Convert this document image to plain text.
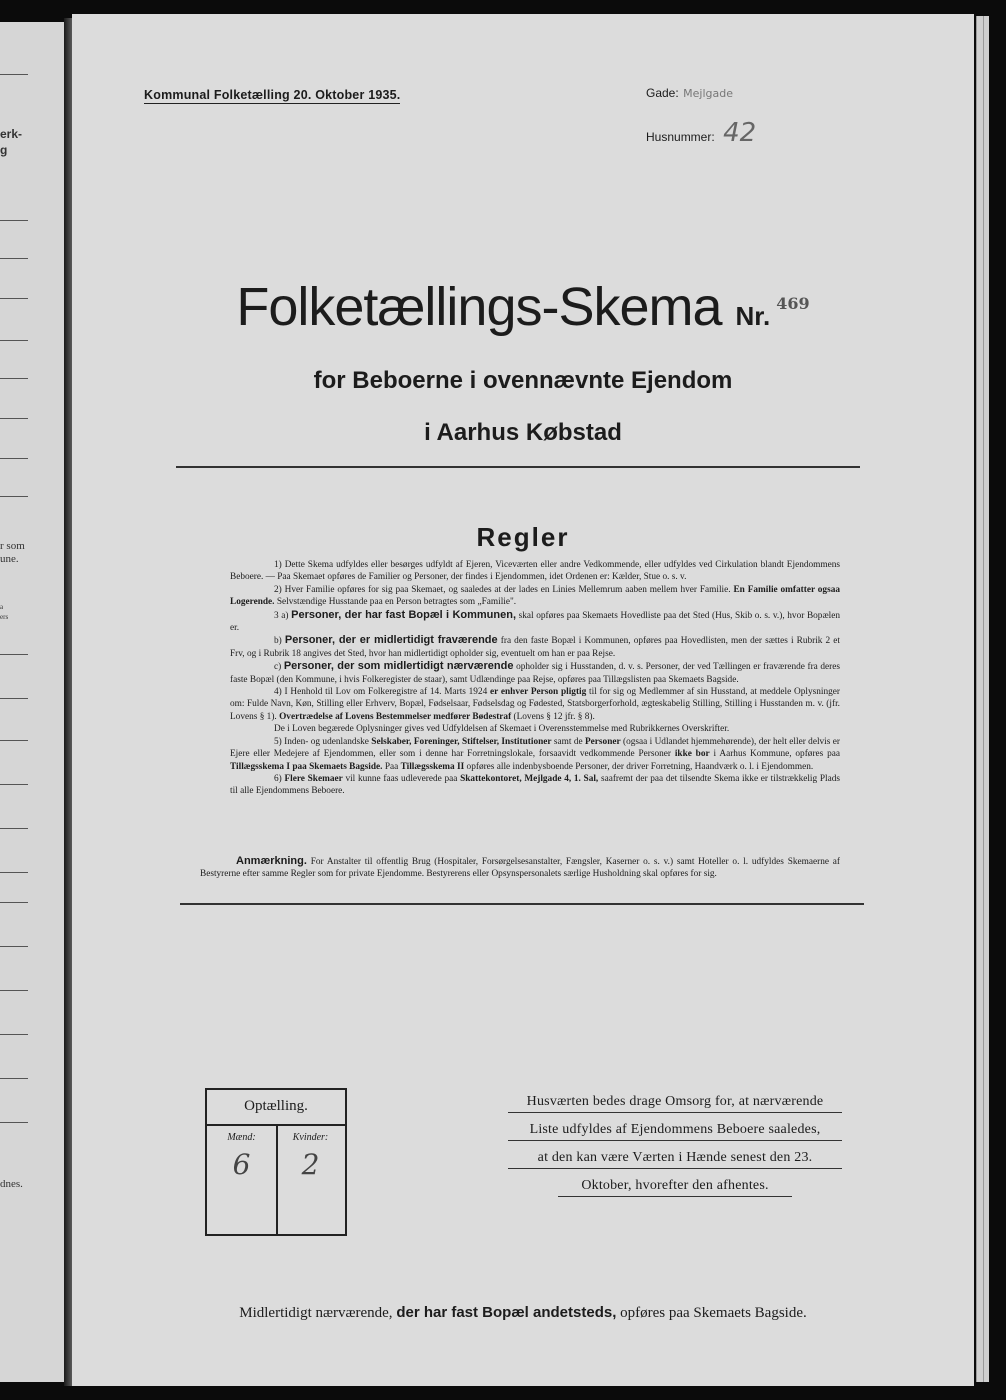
erk-
g
r som
une.
a
ers
dnes.
Kommunal Folketælling 20. Oktober 1935.	Gade: Mejlgade
Husnummer: 42
Folketællings-Skema Nr. 469
for Beboerne i ovennævnte Ejendom
i Aarhus Købstad
Regler

1) Dette Skema udfyldes eller besørges udfyldt af Ejeren, Viceværten eller andre Vedkommende, eller udfyldes ved Cirkulation blandt Ejendommens Beboere. — Paa Skemaet opføres de Familier og Personer, der findes i Ejendommen, idet Ordenen er: Kælder, Stue o. s. v.

2) Hver Familie opføres for sig paa Skemaet, og saaledes at der lades en Linies Mellemrum aaben mellem hver Familie. En Familie omfatter ogsaa Logerende. Selvstændige Husstande paa en Person betragtes som „Familie".

3 a) Personer, der har fast Bopæl i Kommunen, skal opføres paa Skemaets Hovedliste paa det Sted (Hus, Skib o. s. v.), hvor Bopælen er.

b) Personer, der er midlertidigt fraværende fra den faste Bopæl i Kommunen, opføres paa Hovedlisten, men der sættes i Rubrik 2 et Frv, og i Rubrik 18 angives det Sted, hvor han midlertidigt opholder sig, eventuelt om han er paa Rejse.

c) Personer, der som midlertidigt nærværende opholder sig i Husstanden, d. v. s. Personer, der ved Tællingen er fraværende fra deres faste Bopæl (den Kommune, i hvis Folkeregister de staar), samt Udlændinge paa Rejse, opføres paa Tillægslisten paa Skemaets Bagside.

4) I Henhold til Lov om Folkeregistre af 14. Marts 1924 er enhver Person pligtig til for sig og Medlemmer af sin Husstand, at meddele Oplysninger om: Fulde Navn, Køn, Stilling eller Erhverv, Bopæl, Fødselsaar, Fødselsdag og Fødested, Statsborgerforhold, ægteskabelig Stilling, Stilling i Husstanden m. v. (jfr. Lovens § 1). Overtrædelse af Lovens Bestemmelser medfører Bødestraf (Lovens § 12 jfr. § 8).

De i Loven begærede Oplysninger gives ved Udfyldelsen af Skemaet i Overensstemmelse med Rubrikkernes Overskrifter.

5) Inden- og udenlandske Selskaber, Foreninger, Stiftelser, Institutioner samt de Personer (ogsaa i Udlandet hjemmehørende), der helt eller delvis er Ejere eller Medejere af Ejendommen, eller som i denne har Forretningslokale, forsaavidt vedkommende Personer ikke bor i Aarhus Kommune, opføres paa Tillægsskema I paa Skemaets Bagside. Paa Tillægsskema II opføres alle indenbysboende Personer, der driver Forretning, Haandværk o. l. i Ejendommen.

6) Flere Skemaer vil kunne faas udleverede paa Skattekontoret, Mejlgade 4, 1. Sal, saafremt der paa det tilsendte Skema ikke er tilstrækkelig Plads til alle Ejendommens Beboere.

Anmærkning. For Anstalter til offentlig Brug (Hospitaler, Forsørgelsesanstalter, Fængsler, Kaserner o. s. v.) samt Hoteller o. l. udfyldes Skemaerne af Bestyrerne efter samme Regler som for private Ejendomme. Bestyrerens eller Opsynspersonalets særlige Husholdning skal opføres for sig.
Optælling.
Mænd:	Kvinder:
6	2
Husværten bedes drage Omsorg for, at nærværende
Liste udfyldes af Ejendommens Beboere saaledes,
at den kan være Værten i Hænde senest den 23.
Oktober, hvorefter den afhentes.
Midlertidigt nærværende, der har fast Bopæl andetsteds, opføres paa Skemaets Bagside.
